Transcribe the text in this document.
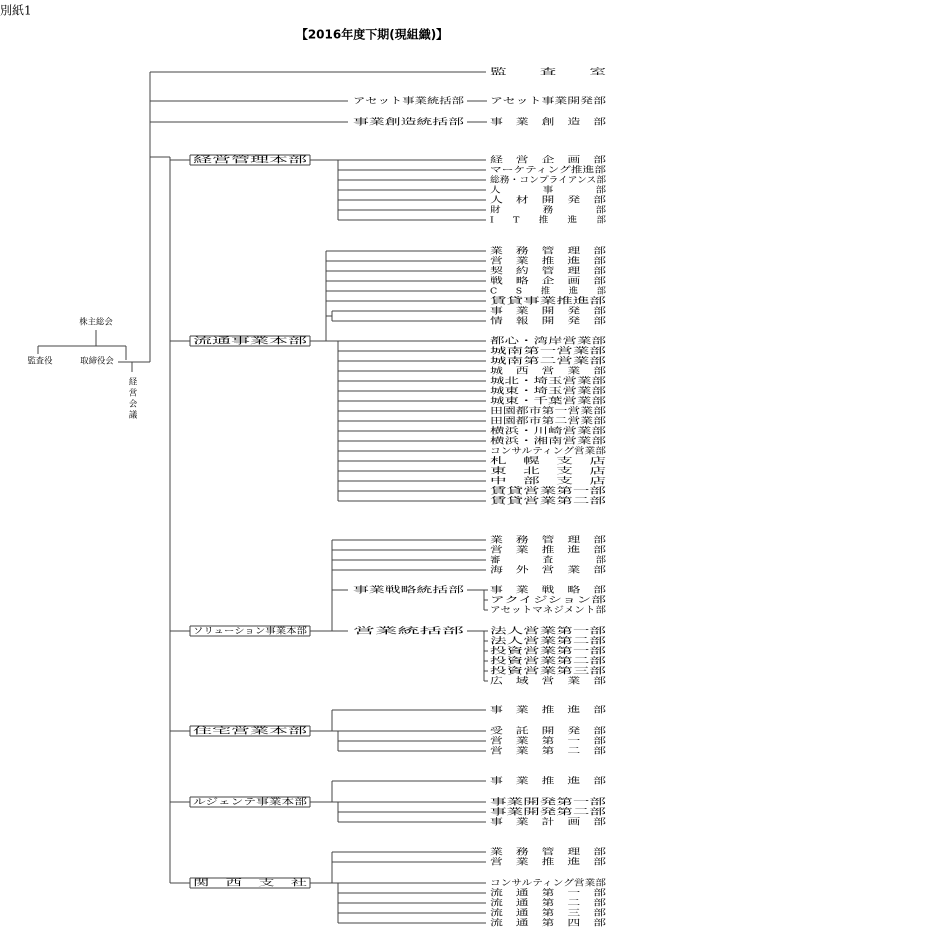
別紙1
【2016年度下期(現組織)】
株主総会
監査役	取締役会
経
営
会
議
監　　査　　室
アセット事業統括部	アセット事業開発部
事業創造統括部	事　業　創　造　部
経営管理本部	経　営　企　画　部
マーケティング推進部
総務・コンプライアンス部
人　　　　事　　　　部
人　材　開　発　部
財　　　　務　　　　部
I　　T　　推　　進　　部
流通事業本部
業　務　管　理　部
営　業　推　進　部
契　約　管　理　部
戦　略　企　画　部
C　　S　　推　　進　　部
賃貸事業推進部
事　業　開　発　部
情　報　開　発　部
都心・湾岸営業部
城南第一営業部
城南第二営業部
城　西　営　業　部
城北・埼玉営業部
城東・埼玉営業部
城東・千葉営業部
田園都市第一営業部
田園都市第二営業部
横浜・川崎営業部
横浜・湘南営業部
コンサルティング営業部
札　幌　支　店
東　北　支　店
中　部　支　店
賃貸営業第一部
賃貸営業第二部
ソリューション事業本部
業　務　管　理　部
営　業　推　進　部
審　　　　査　　　　部
海　外　営　業　部
事業戦略統括部	事　業　戦　略　部
アクイジション部
アセットマネジメント部
営業統括部	法人営業第一部
法人営業第二部
投資営業第一部
投資営業第二部
投資営業第三部
広　域　営　業　部
住宅営業本部
事　業　推　進　部
受　託　開　発　部
営　業　第　一　部
営　業　第　二　部
ルジェンテ事業本部
事　業　推　進　部
事業開発第一部
事業開発第二部
事　業　計　画　部
関　西　支　社
業　務　管　理　部
営　業　推　進　部
コンサルティング営業部
流　通　第　一　部
流　通　第　二　部
流　通　第　三　部
流　通　第　四　部
